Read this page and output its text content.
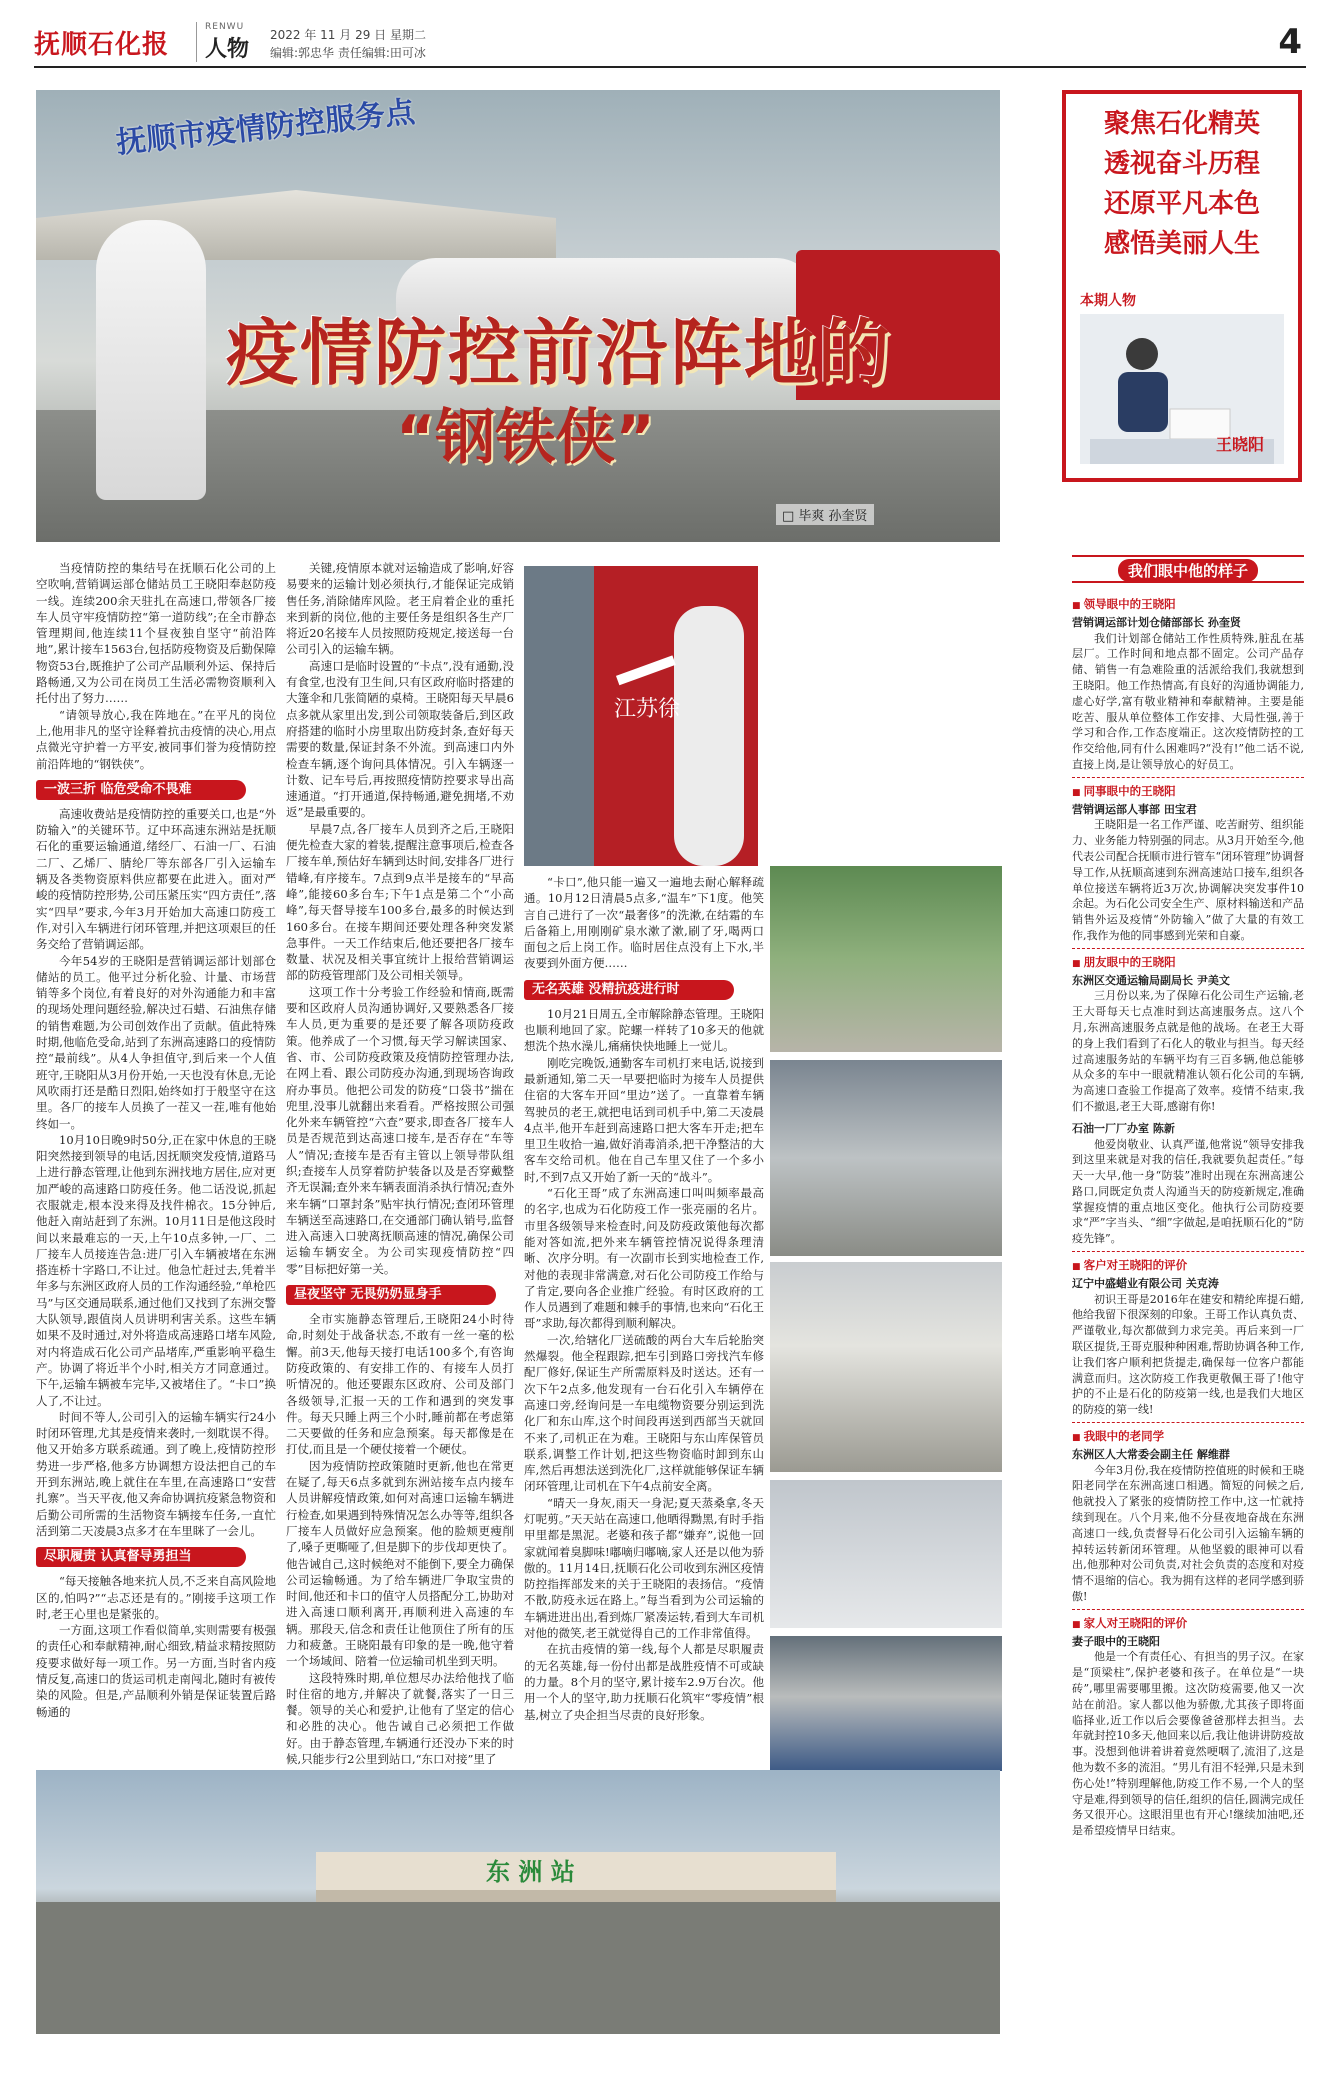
抚顺石化报
RENWU
人物
2022 年 11 月 29 日 星期二
编辑:郭忠华 责任编辑:田可冰	4
抚顺市疫情防控服务点
疫情防控前沿阵地的
“钢铁侠”
□ 毕爽 孙奎贤
聚焦石化精英
透视奋斗历程
还原平凡本色
感悟美丽人生
本期人物
王晓阳

当疫情防控的集结号在抚顺石化公司的上空吹响,营销调运部仓储站员工王晓阳奉赵防疫一线。连续200余天驻扎在高速口,带领各厂接车人员守牢疫情防控“第一道防线”;在全市静态管理期间,他连续11个昼夜独自坚守“前沿阵地”,累计接车1563台,包括防疫物资及后勤保障物资53台,既推护了公司产品顺利外运、保持后路畅通,又为公司在岗员工生活必需物资顺利入托付出了努力……

“请领导放心,我在阵地在。”在平凡的岗位上,他用非凡的坚守诠释着抗击疫情的决心,用点点微光守护着一方平安,被同事们誉为疫情防控前沿阵地的“钢铁侠”。

一波三折 临危受命不畏难

高速收费站是疫情防控的重要关口,也是“外防输入”的关键环节。辽中环高速东洲站是抚顺石化的重要运输通道,绪经厂、石油一厂、石油二厂、乙烯厂、腈纶厂等东部各厂引入运输车辆及各类物资原料供应都要在此进入。面对严峻的疫情防控形势,公司压紧压实“四方责任”,落实“四早”要求,今年3月开始加大高速口防疫工作,对引入车辆进行闭环管理,并把这项艰巨的任务交给了营销调运部。

今年54岁的王晓阳是营销调运部计划部仓储站的员工。他平过分析化验、计量、市场营销等多个岗位,有着良好的对外沟通能力和丰富的现场处理问题经验,解决过石蜡、石油焦存储的销售难题,为公司创效作出了贡献。值此特殊时期,他临危受命,站到了东洲高速路口的疫情防控“最前线”。从4人争担值守,到后来一个人值班守,王晓阳从3月份开始,一天也没有休息,无论风吹雨打还是酷日烈阳,始终如打于般坚守在这里。各厂的接车人员换了一茬又一茬,唯有他始终如一。

10月10日晚9时50分,正在家中休息的王晓阳突然接到领导的电话,因抚顺突发疫情,道路马上进行静态管理,让他到东洲找地方居住,应对更加严峻的高速路口防疫任务。他二话没说,抓起衣服就走,根本没来得及找件棉衣。15分钟后,他赶入南站赶到了东洲。10月11日是他这段时间以来最难忘的一天,上午10点多钟,一厂、二厂接车人员接连告急:进厂引入车辆被堵在东洲搭连桥十字路口,不让过。他急忙赶过去,凭着半年多与东洲区政府人员的工作沟通经验,“单枪匹马”与区交通局联系,通过他们又找到了东洲交警大队领导,跟值岗人员讲明利害关系。这些车辆如果不及时通过,对外将造成高速路口堵车风险,对内将造成石化公司产品堵库,严重影响平稳生产。协调了将近半个小时,相关方才同意通过。下午,运输车辆被车完毕,又被堵住了。“卡口”换人了,不让过。

时间不等人,公司引入的运输车辆实行24小时闭环管理,尤其是疫情来袭时,一刻耽误不得。他又开始多方联系疏通。到了晚上,疫情防控形势进一步严格,他多方协调想方设法把自己的车开到东洲站,晚上就住在车里,在高速路口“安营扎寨”。当天平夜,他又奔命协调抗疫紧急物资和后勤公司所需的生活物资车辆接车任务,一直忙活到第二天凌晨3点多才在车里眯了一会儿。

尽职履责 认真督导勇担当

“每天接触各地来抗人员,不乏来自高风险地区的,怕吗?”“忐忑还是有的。”刚接手这项工作时,老王心里也是紧张的。

一方面,这项工作看似简单,实则需要有极强的责任心和奉献精神,耐心细致,精益求精按照防疫要求做好每一项工作。另一方面,当时省内疫情反复,高速口的货运司机走南闯北,随时有被传染的风险。但是,产品顺利外销是保证装置后路畅通的

关键,疫情原本就对运输造成了影响,好容易要来的运输计划必须执行,才能保证完成销售任务,消除储库风险。老王肩着企业的重托来到新的岗位,他的主要任务是组织各生产厂将近20名接车人员按照防疫规定,接送每一台公司引入的运输车辆。

高速口是临时设置的“卡点”,没有通勤,没有食堂,也没有卫生间,只有区政府临时搭建的大篷伞和几张简陋的桌椅。王晓阳每天早晨6点多就从家里出发,到公司领取装备后,到区政府搭建的临时小房里取出防疫封条,查好每天需要的数量,保证封条不外流。到高速口内外检查车辆,逐个询问具体情况。引入车辆逐一计数、记车号后,再按照疫情防控要求导出高速通道。“打开通道,保持畅通,避免拥堵,不劝返”是最重要的。

早晨7点,各厂接车人员到齐之后,王晓阳便先检查大家的着装,提醒注意事项后,检查各厂接车单,预估好车辆到达时间,安排各厂进行错峰,有序接车。7点到9点半是接车的“早高峰”,能接60多台车;下午1点是第二个“小高峰”,每天督导接车100多台,最多的时候达到160多台。在接车期间还要处理各种突发紧急事件。一天工作结束后,他还要把各厂接车数量、状况及相关事宜统计上报给营销调运部的防疫管理部门及公司相关领导。

这项工作十分考验工作经验和情商,既需要和区政府人员沟通协调好,又要熟悉各厂接车人员,更为重要的是还要了解各项防疫政策。他养成了一个习惯,每天学习解读国家、省、市、公司防疫政策及疫情防控管理办法,在网上看、跟公司防疫办沟通,到现场咨询政府办事员。他把公司发的防疫“口袋书”揣在兜里,没事儿就翻出来看看。严格按照公司强化外来车辆管控“六查”要求,即查各厂接车人员是否规范到达高速口接车,是否存在“车等人”情况;查接车是否有主管以上领导带队组织;查接车人员穿着防护装备以及是否穿戴整齐无误漏;查外来车辆表面消杀执行情况;查外来车辆“口罩封条”贴牢执行情况;查闭环管理车辆送至高速路口,在交通部门确认销号,监督进入高速入口驶离抚顺高速的情况,确保公司运输车辆安全。为公司实现疫情防控“四零”目标把好第一关。

昼夜坚守 无畏奶奶显身手

全市实施静态管理后,王晓阳24小时待命,时刻处于战备状态,不敢有一丝一毫的松懈。前3天,他每天接打电话100多个,有咨询防疫政策的、有安排工作的、有接车人员打听情况的。他还要跟东区政府、公司及部门各级领导,汇报一天的工作和遇到的突发事件。每天只睡上两三个小时,睡前都在考虑第二天要做的任务和应急预案。每天都像是在打仗,而且是一个硬仗接着一个硬仗。

因为疫情防控政策随时更新,他也在常更在疑了,每天6点多就到东洲站接车点内接车人员讲解疫情政策,如何对高速口运输车辆进行检查,如果遇到特殊情况怎么办等等,组织各厂接车人员做好应急预案。他的脸颊更瘦削了,嗓子更嘶哑了,但是脚下的步伐却更快了。他告诫自己,这时候绝对不能倒下,要全力确保公司运输畅通。为了给车辆进厂争取宝贵的时间,他还和卡口的值守人员搭配分工,协助对进入高速口顺利离开,再顺利进入高速的车辆。那段天,信念和责任让他顶住了所有的压力和疲惫。王晓阳最有印象的是一晚,他守着一个场域间、陪着一位运输司机坐到天明。

这段特殊时期,单位想尽办法给他找了临时住宿的地方,并解决了就餐,落实了一日三餐。领导的关心和爱护,让他有了坚定的信心和必胜的决心。他告诫自己必须把工作做好。由于静态管理,车辆通行还没办下来的时候,只能步行2公里到站口,“东口对接”里了

江苏徐

“卡口”,他只能一遍又一遍地去耐心解释疏通。10月12日清晨5点多,“温车”下1度。他笑言自己进行了一次“最奢侈”的洗漱,在结霜的车后备箱上,用刚刚矿泉水漱了漱,刷了牙,喝两口面包之后上岗工作。临时居住点没有上下水,半夜要到外面方便……

无名英雄 没精抗疫进行时

10月21日周五,全市解除静态管理。王晓阳也顺利地回了家。陀螺一样转了10多天的他就想洗个热水澡儿,痛痛快快地睡上一觉儿。

刚吃完晚饭,通勤客车司机打来电话,说接到最新通知,第二天一早要把临时为接车人员提供住宿的大客车开回“里边”送了。一直靠着车辆驾驶员的老王,就把电话到司机手中,第二天凌晨4点半,他开车赶到高速路口把大客车开走;把车里卫生收拾一遍,做好消毒消杀,把干净整洁的大客车交给司机。他在自己车里又住了一个多小时,不到7点又开始了新一天的“战斗”。

“石化王哥”成了东洲高速口叫叫频率最高的名字,也成为石化防疫工作一张亮丽的名片。市里各级领导来检查时,问及防疫政策他每次都能对答如流,把外来车辆管控情况说得条理清晰、次序分明。有一次副市长到实地检查工作,对他的表现非常满意,对石化公司防疫工作给与了肯定,要向各企业推广经验。有时区政府的工作人员遇到了难题和棘手的事情,也来向“石化王哥”求助,每次都得到顺利解决。

一次,给辖化厂送硫酸的两台大车后轮胎突然爆裂。他全程跟踪,把车引到路口旁找汽车修配厂修好,保证生产所需原料及时送达。还有一次下午2点多,他发现有一台石化引入车辆停在高速口旁,经询问是一车电缆物资要分别运到洗化厂和东山库,这个时间段再送到西部当天就回不来了,司机正在为难。王晓阳与东山库保管员联系,调整工作计划,把这些物资临时卸到东山库,然后再想法送到洗化厂,这样就能够保证车辆闭环管理,让司机在下午4点前安全离。

“晴天一身灰,雨天一身泥;夏天蒸桑拿,冬天灯呢剪。”天天站在高速口,他晒得黝黑,有时手指甲里都是黑泥。老婆和孩子都“嫌弃”,说他一回家就闻着臭脚味!嘟嘀归嘟嘀,家人还是以他为骄傲的。11月14日,抚顺石化公司收到东洲区疫情防控指挥部发来的关于王晓阳的表扬信。“疫情不散,防疫永远在路上。”每当看到为公司运输的车辆进进出出,看到炼厂紧凑运转,看到大车司机对他的微笑,老王就觉得自己的工作非常值得。

在抗击疫情的第一线,每个人都是尽职履责的无名英雄,每一份付出都是战胜疫情不可或缺的力量。8个月的坚守,累计接车2.9万台次。他用一个人的坚守,助力抚顺石化筑牢“零疫情”根基,树立了央企担当尽责的良好形象。

东 洲 站
我们眼中他的样子
■ 领导眼中的王晓阳
营销调运部计划仓储部部长 孙奎贤
我们计划部仓储站工作性质特殊,脏乱在基层厂。工作时间和地点都不固定。公司产品存储、销售一有急难险重的活派给我们,我就想到王晓阳。他工作热情高,有良好的沟通协调能力,虚心好学,富有敬业精神和奉献精神。主要是能吃苦、服从单位整体工作安排、大局性强,善于学习和合作,工作态度端正。这次疫情防控的工作交给他,同有什么困难吗?“没有!”他二话不说,直接上岗,是让领导放心的好员工。
■ 同事眼中的王晓阳
营销调运部人事部 田宝君
王晓阳是一名工作严谨、吃苦耐劳、组织能力、业务能力特别强的同志。从3月开始至今,他代表公司配合抚顺市进行管车“闭环管理”协调督导工作,从抚顺高速到东洲高速站口接车,组织各单位接送车辆将近3万次,协调解决突发事件10余起。为石化公司安全生产、原材料输送和产品销售外运及疫情“外防输入”做了大量的有效工作,我作为他的同事感到光荣和自豪。
■ 朋友眼中的王晓阳
东洲区交通运输局副局长 尹美文
三月份以来,为了保障石化公司生产运输,老王大哥每天七点准时到达高速服务点。这八个月,东洲高速服务点就是他的战场。在老王大哥的身上我们看到了石化人的敬业与担当。每天经过高速服务站的车辆平均有三百多辆,他总能够从众多的车中一眼就精准认领石化公司的车辆,为高速口查验工作提高了效率。疫情不结束,我们不撤退,老王大哥,感谢有你!
石油一厂厂办室 陈新
他爱岗敬业、认真严谨,他常说“领导安排我到这里来就是对我的信任,我就要负起责任。”每天一大早,他一身“防装”准时出现在东洲高速公路口,同既定负责人沟通当天的防疫新规定,准确掌握疫情的重点地区变化。他执行公司防疫要求“严”字当头、“细”字做起,是咱抚顺石化的“防疫先锋”。
■ 客户对王晓阳的评价
辽宁中盛蜡业有限公司 关克涛
初识王哥是2016年在建安和精纶库提石蜡,他给我留下很深刻的印象。王哥工作认真负责、严谨敬业,每次都做到力求完美。再后来到一厂联区提货,王哥克服种种困难,帮助协调各种工作,让我们客户顺利把货提走,确保每一位客户都能满意而归。这次防疫工作我更敬佩王哥了!他守护的不止是石化的防疫第一线,也是我们大地区的防疫的第一线!
■ 我眼中的老同学
东洲区人大常委会副主任 解维群
今年3月份,我在疫情防控值班的时候和王晓阳老同学在东洲高速口相遇。简短的问候之后,他就投入了紧张的疫情防控工作中,这一忙就持续到现在。八个月来,他不分昼夜地奋战在东洲高速口一线,负责督导石化公司引入运输车辆的掉转运转新闭环管理。从他坚毅的眼神可以看出,他那种对公司负责,对社会负责的态度和对疫情不退缩的信心。我为拥有这样的老同学感到骄傲!
■ 家人对王晓阳的评价
妻子眼中的王晓阳
他是一个有责任心、有担当的男子汉。在家是“顶梁柱”,保护老婆和孩子。在单位是“一块砖”,哪里需要哪里搬。这次防疫需要,他又一次站在前沿。家人都以他为骄傲,尤其孩子即将面临择业,近工作以后会要像爸爸那样去担当。去年就封控10多天,他回来以后,我让他讲讲防疫故事。没想到他讲着讲着竟然哽咽了,流泪了,这是他为数不多的流泪。“男儿有泪不轻弹,只是未到伤心处!”特别理解他,防疫工作不易,一个人的坚守是难,得到领导的信任,组织的信任,圆满完成任务又很开心。这眼泪里也有开心!继续加油吧,还是希望疫情早日结束。
